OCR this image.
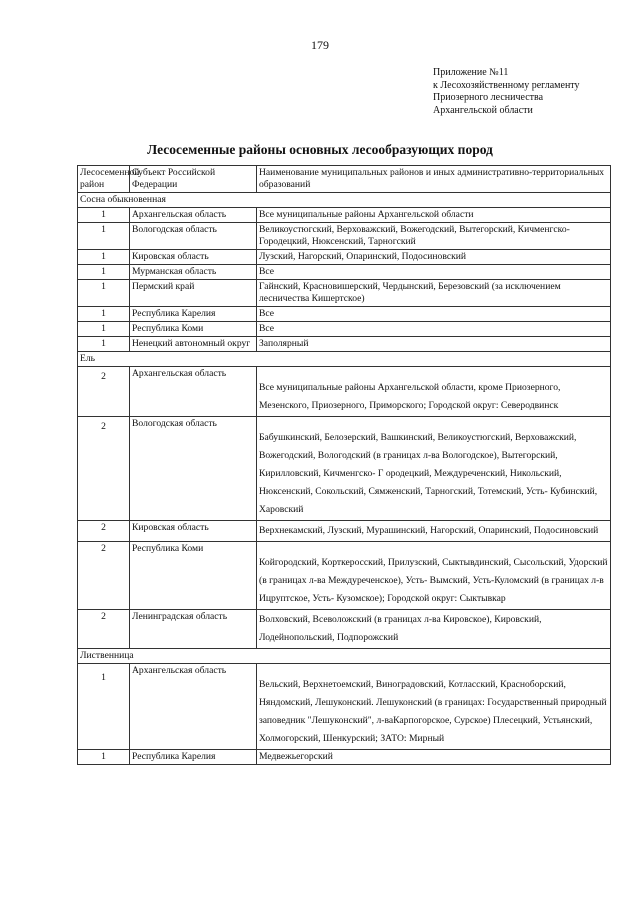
179
Приложение №11
к Лесохозяйственному регламенту
Приозерного лесничества
Архангельской области
Лесосеменные районы основных лесообразующих пород
Лесосеменной район	Субъект Российской Федерации	Наименование муниципальных районов и иных административно-территориальных образований
Сосна обыкновенная		
1	Архангельская область	Все муниципальные районы Архангельской области
1	Вологодская область	Великоустюгский, Верховажский, Вожегодский, Вытегорский, Кичменгско-Городецкий, Нюксенский, Тарногский
1	Кировская область	Лузский, Нагорский, Опаринский, Подосиновский
1	Мурманская область	Все
1	Пермский край	Гайнский, Красновишерский, Чердынский, Березовский (за исключением лесничества Кишертское)
1	Республика Карелия	Все
1	Республика Коми	Все
1	Ненецкий автономный округ	Заполярный
Ель		
2	Архангельская область	Все муниципальные районы Архангельской области, кроме Приозерного, Мезенского, Приозерного, Приморского; Городской округ: Северодвинск
2	Вологодская область	Бабушкинский, Белозерский, Вашкинский, Великоустюгский, Верховажский, Вожегодский, Вологодский (в границах л-ва Вологодское), Вытегорский, Кирилловский, Кичменгско- Г ородецкий, Междуреченский, Никольский, Нюксенский, Сокольский, Сямженский, Тарногский, Тотемский, Усть- Кубинский, Харовский
2	Кировская область	Верхнекамский, Лузский, Мурашинский, Нагорский, Опаринский, Подосиновский
2	Республика Коми	Койгородский, Корткеросский, Прилузский, Сыктывдинский, Сысольский, Удорский (в границах л-ва Междуреченское), Усть- Вымский, Усть-Куломский (в границах л-в Ицруптское, Усть- Кузомское); Городской округ: Сыктывкар
2	Ленинградская область	Волховский, Всеволожский (в границах л-ва Кировское), Кировский, Лодейнопольский, Подпорожский
Лиственница		
1	Архангельская область	Вельский, Верхнетоемский, Виноградовский, Котласский, Красноборский, Няндомский, Лешуконский. Лешуконский (в границах: Государственный природный заповедник "Лешуконский", л-ваКарпогорское, Сурское) Плесецкий, Устьянский, Холмогорский, Шенкурский; ЗАТО: Мирный
1	Республика Карелия	Медвежьегорский
